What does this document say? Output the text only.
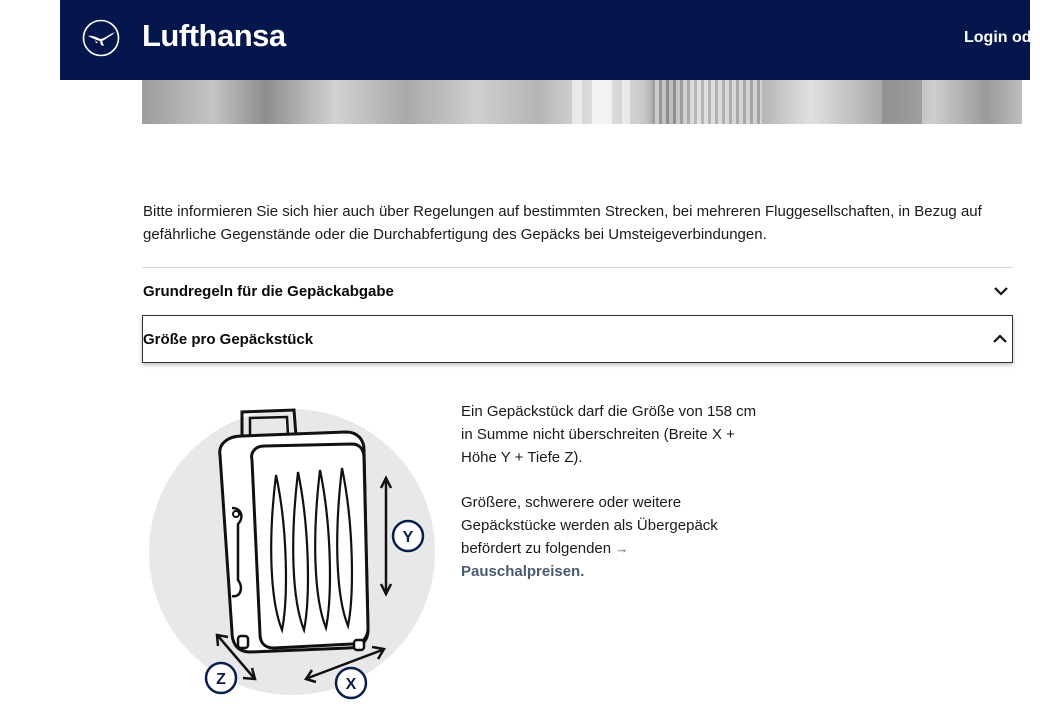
Lufthansa	Login ode
Bitte informieren Sie sich hier auch über Regelungen auf bestimmten Strecken, bei mehreren Fluggesellschaften, in Bezug auf gefährliche Gegenstände oder die Durchabfertigung des Gepäcks bei Umsteigeverbindungen.
Grundregeln für die Gepäckabgabe
Größe pro Gepäckstück
Y
Z	X

Ein Gepäckstück darf die Größe von 158 cm in Summe nicht überschreiten (Breite X + Höhe Y + Tiefe Z).

Größere, schwerere oder weitere Gepäckstücke werden als Übergepäck befördert zu folgenden →
Pauschalpreisen.
